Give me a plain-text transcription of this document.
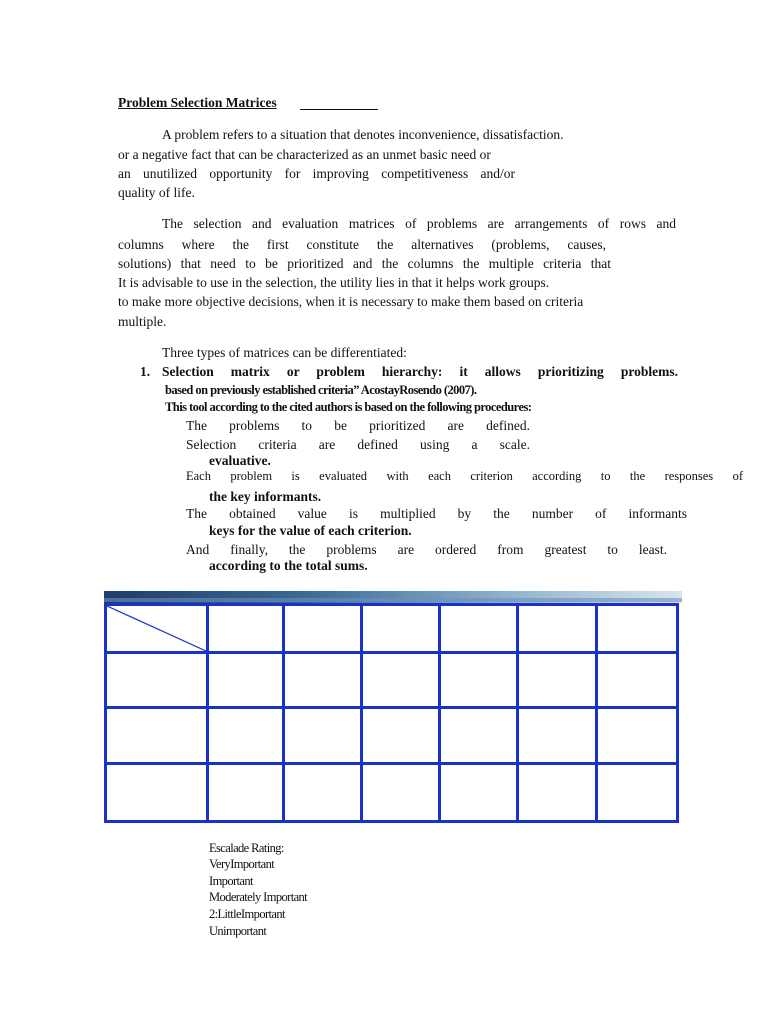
Problem Selection Matrices
A problem refers to a situation that denotes inconvenience, dissatisfaction.
or a negative fact that can be characterized as an unmet basic need or
an unutilized opportunity for improving competitiveness and/or
quality of life.
The selection and evaluation matrices of problems are arrangements of rows and
columns where the first constitute the alternatives (problems, causes,
solutions) that need to be prioritized and the columns the multiple criteria that
It is advisable to use in the selection, the utility lies in that it helps work groups.
to make more objective decisions, when it is necessary to make them based on criteria
multiple.
Three types of matrices can be differentiated:
1. Selection matrix or problem hierarchy: it allows prioritizing problems.
based on previously established criteria” AcostayRosendo (2007).
This tool according to the cited authors is based on the following procedures:
The problems to be prioritized are defined.
Selection criteria are defined using a scale.
evaluative.
Each problem is evaluated with each criterion according to the responses of
the key informants.
The obtained value is multiplied by the number of informants
keys for the value of each criterion.
And finally, the problems are ordered from greatest to least.
according to the total sums.

Escalade Rating:
VeryImportant
Important
Moderately Important
2:LittleImportant
Unimportant
